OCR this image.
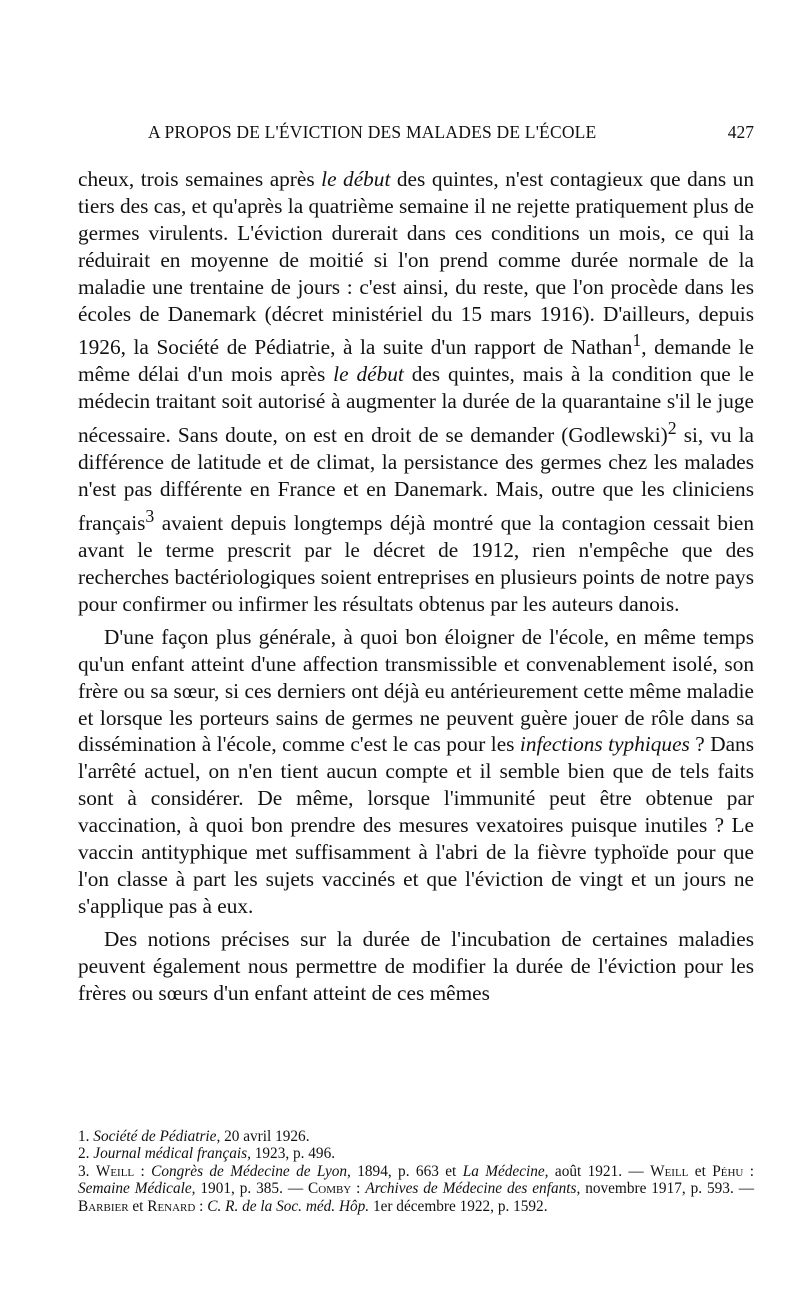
A PROPOS DE L'ÉVICTION DES MALADES DE L'ÉCOLE	427

cheux, trois semaines après le début des quintes, n'est contagieux que dans un tiers des cas, et qu'après la quatrième semaine il ne rejette pratiquement plus de germes virulents. L'éviction durerait dans ces conditions un mois, ce qui la réduirait en moyenne de moitié si l'on prend comme durée normale de la maladie une trentaine de jours : c'est ainsi, du reste, que l'on procède dans les écoles de Danemark (décret ministériel du 15 mars 1916). D'ailleurs, depuis 1926, la Société de Pédiatrie, à la suite d'un rapport de Nathan$^1$, demande le même délai d'un mois après le début des quintes, mais à la condition que le médecin traitant soit autorisé à augmenter la durée de la quarantaine s'il le juge nécessaire. Sans doute, on est en droit de se demander (Godlewski)$^2$ si, vu la différence de latitude et de climat, la persistance des germes chez les malades n'est pas différente en France et en Danemark. Mais, outre que les cliniciens français$^3$ avaient depuis longtemps déjà montré que la contagion cessait bien avant le terme prescrit par le décret de 1912, rien n'empêche que des recherches bactériologiques soient entreprises en plusieurs points de notre pays pour confirmer ou infirmer les résultats obtenus par les auteurs danois.

D'une façon plus générale, à quoi bon éloigner de l'école, en même temps qu'un enfant atteint d'une affection transmissible et convenablement isolé, son frère ou sa sœur, si ces derniers ont déjà eu antérieurement cette même maladie et lorsque les porteurs sains de germes ne peuvent guère jouer de rôle dans sa dissémination à l'école, comme c'est le cas pour les infections typhiques ? Dans l'arrêté actuel, on n'en tient aucun compte et il semble bien que de tels faits sont à considérer. De même, lorsque l'immunité peut être obtenue par vaccination, à quoi bon prendre des mesures vexatoires puisque inutiles ? Le vaccin antityphique met suffisamment à l'abri de la fièvre typhoïde pour que l'on classe à part les sujets vaccinés et que l'éviction de vingt et un jours ne s'applique pas à eux.

Des notions précises sur la durée de l'incubation de certaines maladies peuvent également nous permettre de modifier la durée de l'éviction pour les frères ou sœurs d'un enfant atteint de ces mêmes

1. Société de Pédiatrie, 20 avril 1926.

2. Journal médical français, 1923, p. 496.

3. Weill : Congrès de Médecine de Lyon, 1894, p. 663 et La Médecine, août 1921. — Weill et Péhu : Semaine Médicale, 1901, p. 385. — Comby : Archives de Médecine des enfants, novembre 1917, p. 593. — Barbier et Renard : C. R. de la Soc. méd. Hôp. 1er décembre 1922, p. 1592.
